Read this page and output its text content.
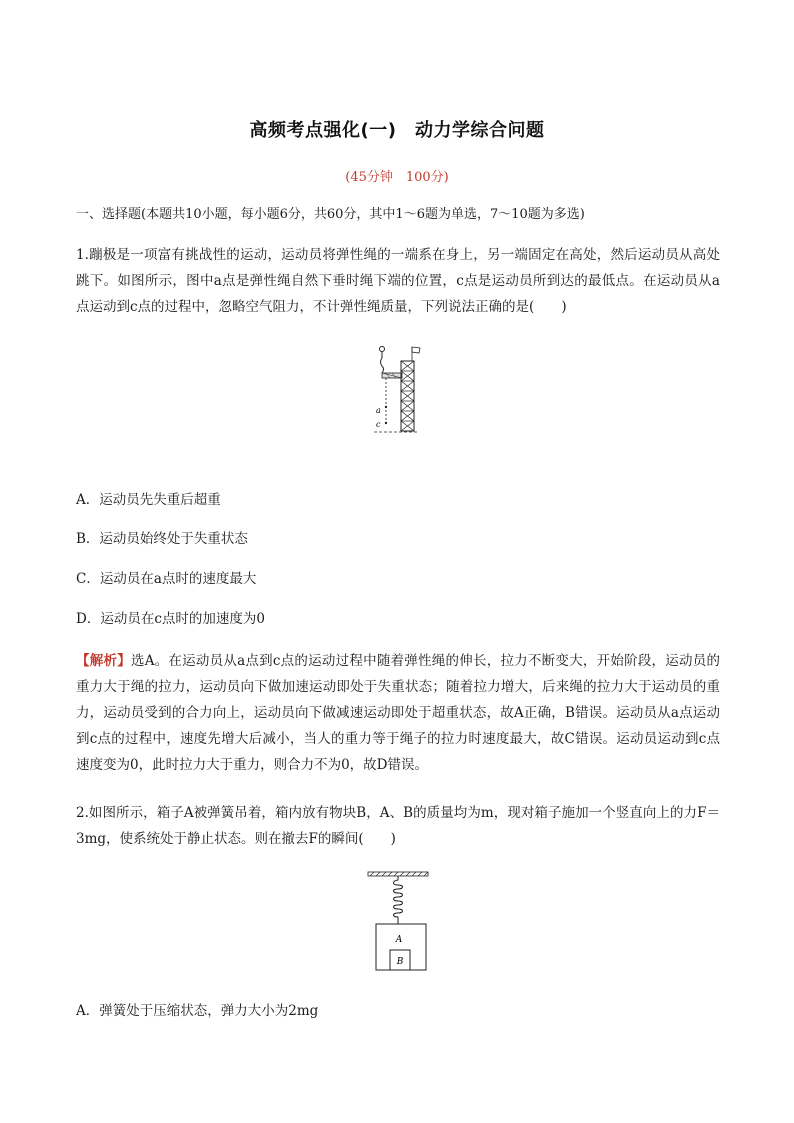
高频考点强化(一)　动力学综合问题
(45分钟　100分)
一、选择题(本题共10小题，每小题6分，共60分，其中1～6题为单选，7～10题为多选)
1.蹦极是一项富有挑战性的运动，运动员将弹性绳的一端系在身上，另一端固定在高处，然后运动员从高处跳下。如图所示，图中a点是弹性绳自然下垂时绳下端的位置，c点是运动员所到达的最低点。在运动员从a点运动到c点的过程中，忽略空气阻力，不计弹性绳质量，下列说法正确的是(　　)
a
c
A．运动员先失重后超重
B．运动员始终处于失重状态
C．运动员在a点时的速度最大
D．运动员在c点时的加速度为0
【解析】选A。在运动员从a点到c点的运动过程中随着弹性绳的伸长，拉力不断变大，开始阶段，运动员的重力大于绳的拉力，运动员向下做加速运动即处于失重状态；随着拉力增大，后来绳的拉力大于运动员的重力，运动员受到的合力向上，运动员向下做减速运动即处于超重状态，故A正确，B错误。运动员从a点运动到c点的过程中，速度先增大后减小，当人的重力等于绳子的拉力时速度最大，故C错误。运动员运动到c点速度变为0，此时拉力大于重力，则合力不为0，故D错误。
2.如图所示，箱子A被弹簧吊着，箱内放有物块B，A、B的质量均为m，现对箱子施加一个竖直向上的力F＝3mg，使系统处于静止状态。则在撤去F的瞬间(　　)
A
B
A．弹簧处于压缩状态，弹力大小为2mg
